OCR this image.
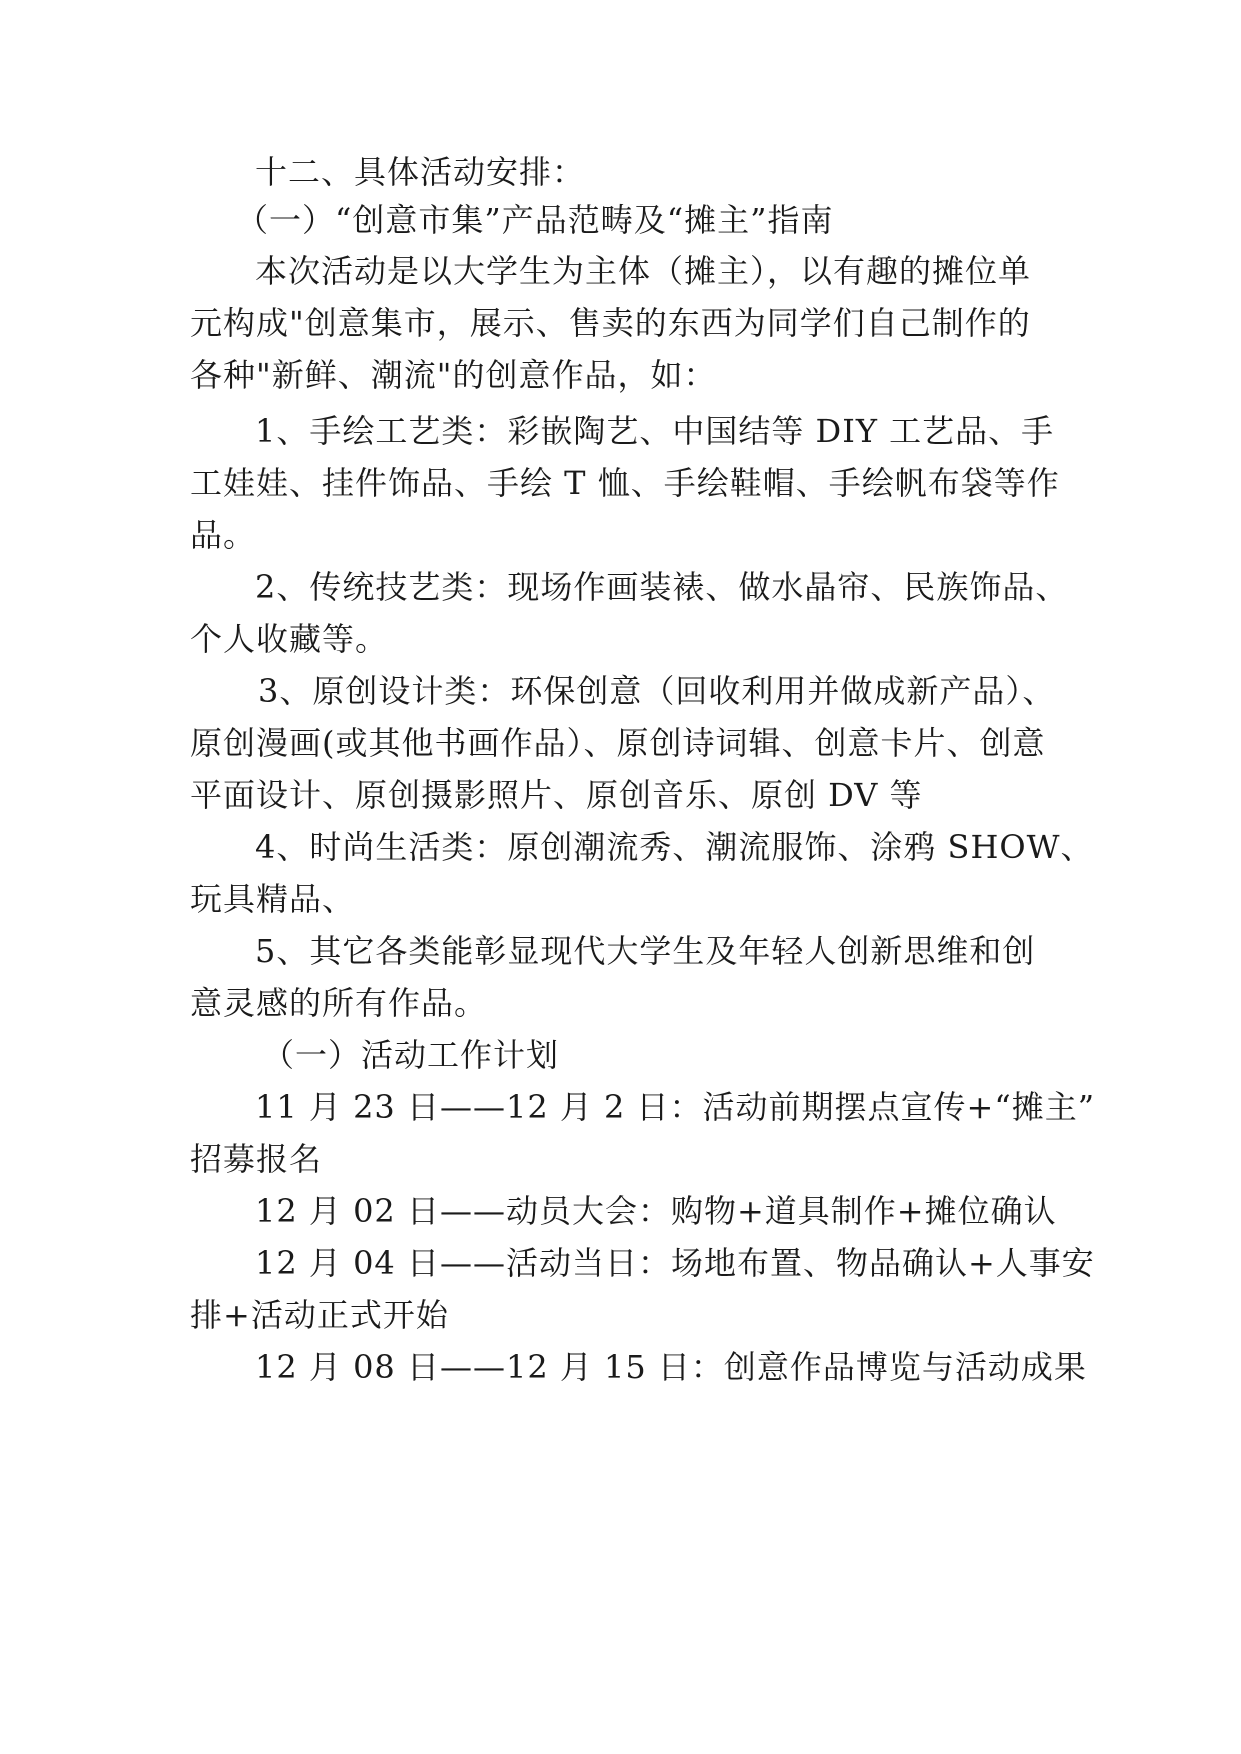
十二、具体活动安排：
（一）“创意市集”产品范畴及“摊主”指南
本次活动是以大学生为主体（摊主），以有趣的摊位单
元构成"创意集市，展示、售卖的东西为同学们自己制作的
各种"新鲜、潮流"的创意作品，如：
1、手绘工艺类：彩嵌陶艺、中国结等 DIY 工艺品、手
工娃娃、挂件饰品、手绘 T 恤、手绘鞋帽、手绘帆布袋等作
品。
2、传统技艺类：现场作画装裱、做水晶帘、民族饰品、
个人收藏等。
3、原创设计类：环保创意（回收利用并做成新产品）、
原创漫画(或其他书画作品）、原创诗词辑、创意卡片、创意
平面设计、原创摄影照片、原创音乐、原创 DV 等
4、时尚生活类：原创潮流秀、潮流服饰、涂鸦 SHOW、
玩具精品、
5、其它各类能彰显现代大学生及年轻人创新思维和创
意灵感的所有作品。
（一）活动工作计划
11 月 23 日——12 月 2 日：活动前期摆点宣传+“摊主”
招募报名
12 月 02 日——动员大会：购物+道具制作+摊位确认
12 月 04 日——活动当日：场地布置、物品确认+人事安
排+活动正式开始
12 月 08 日——12 月 15 日：创意作品博览与活动成果
